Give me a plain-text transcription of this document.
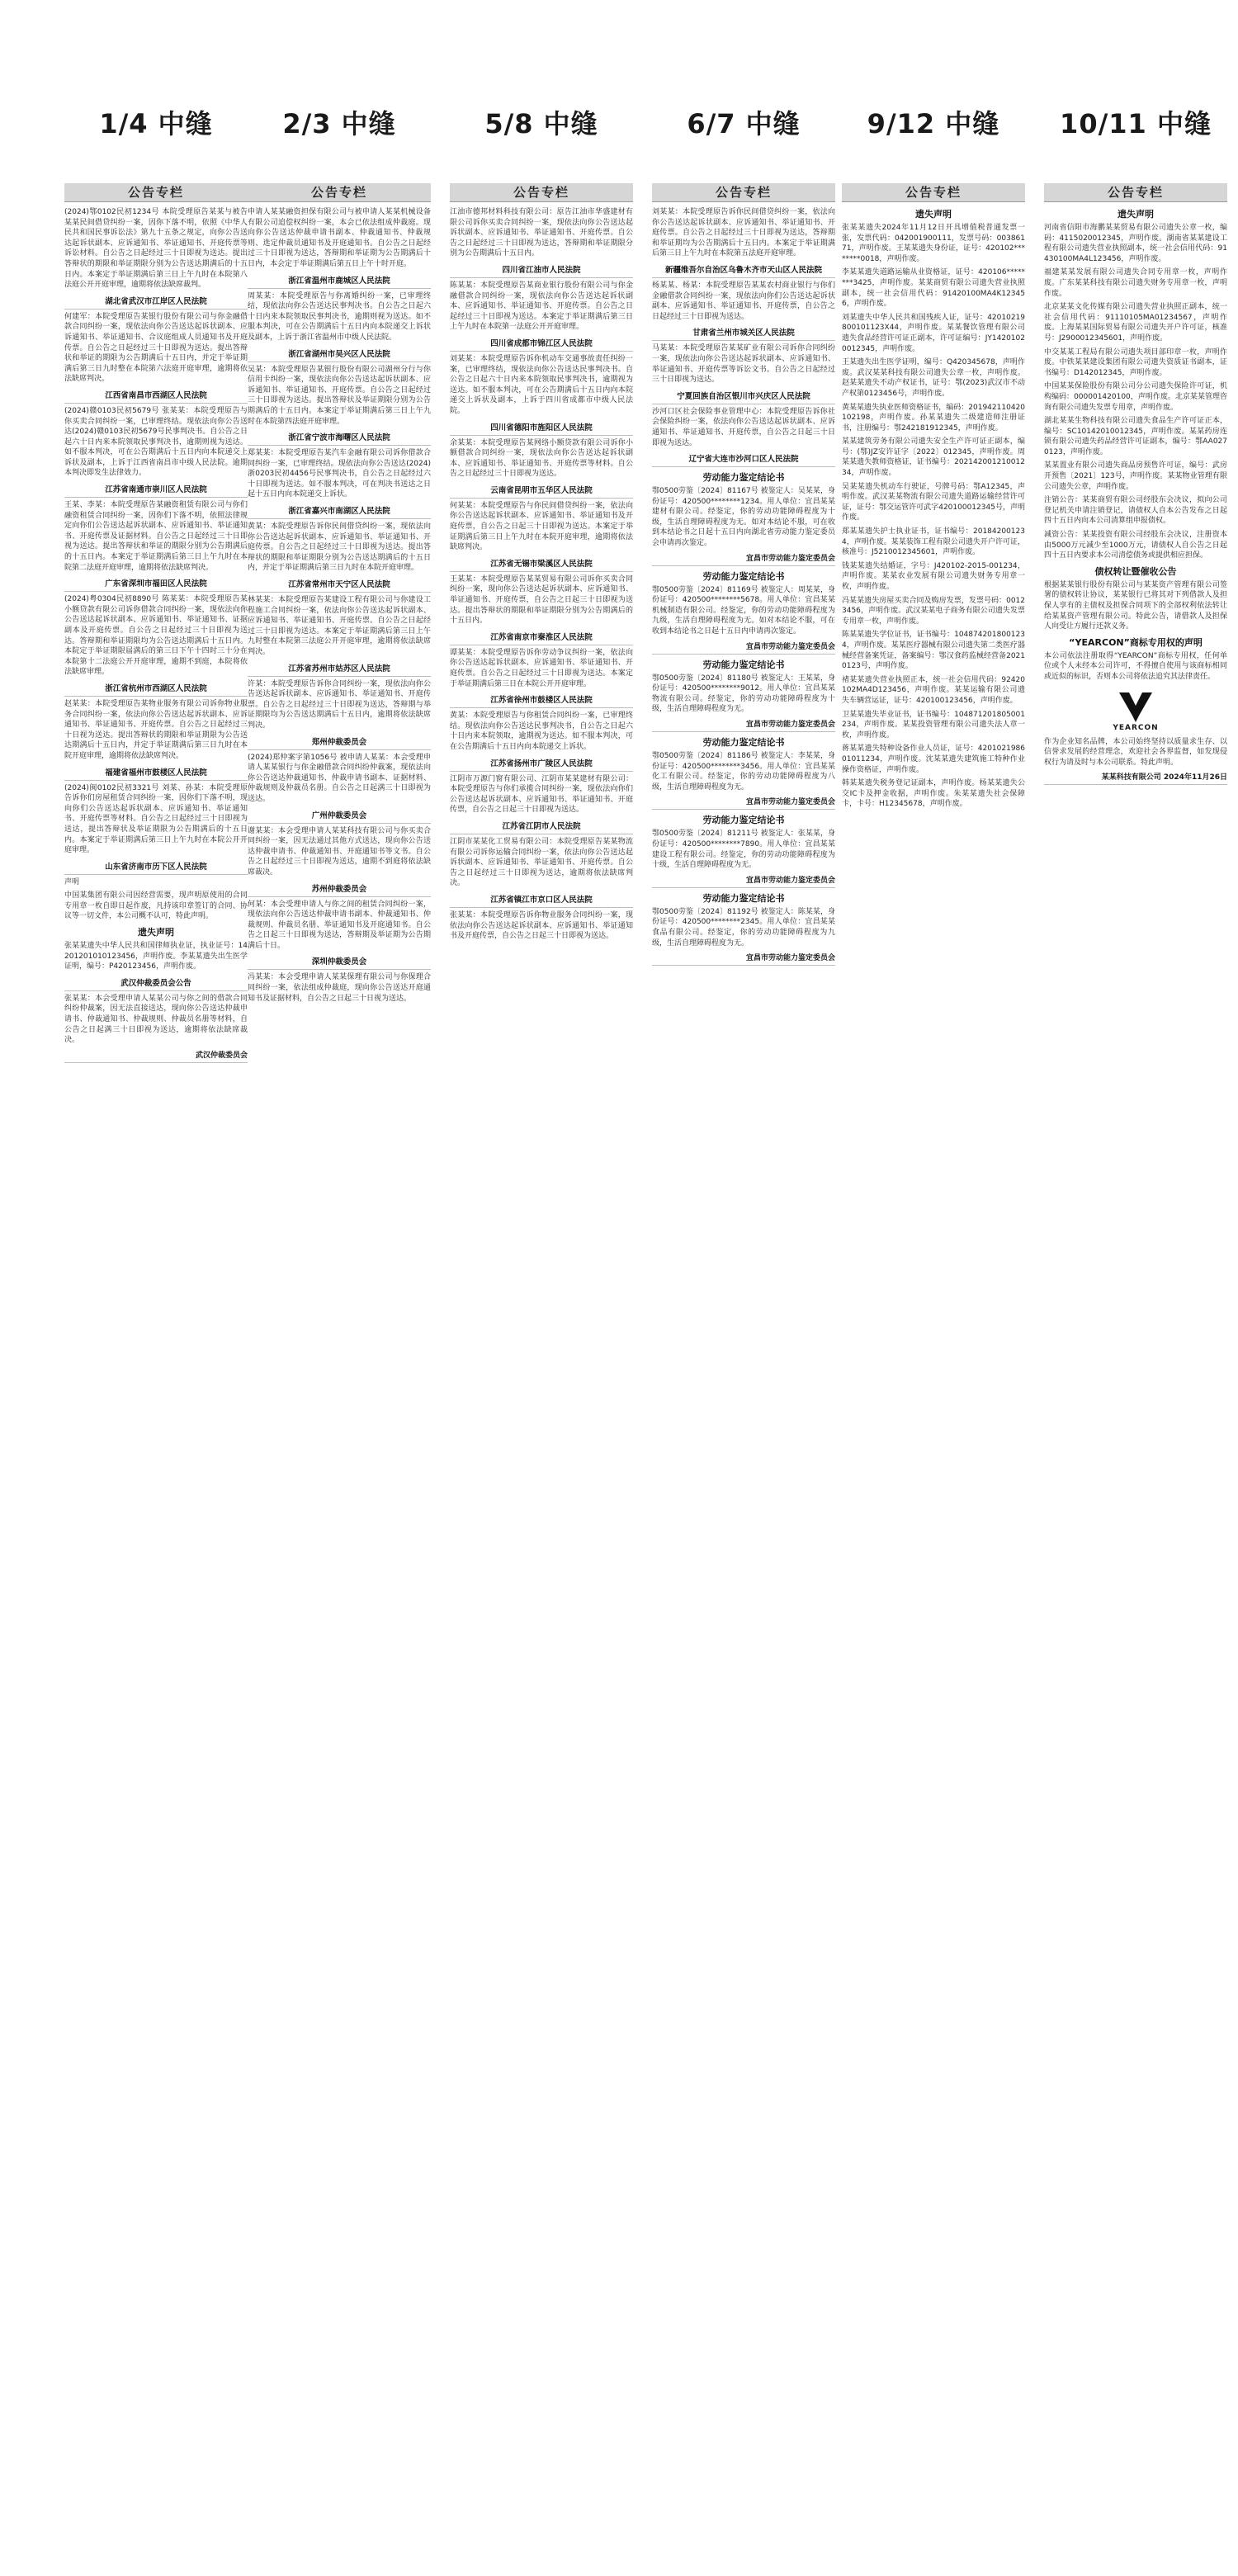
1/4 中缝	2/3 中缝	5/8 中缝	6/7 中缝	9/12 中缝	10/11 中缝
公告专栏
(2024)鄂0102民初1234号 本院受理原告某某与被告某某民间借贷纠纷一案，因你下落不明，依照《中华人民共和国民事诉讼法》第九十五条之规定，向你公告送达起诉状副本、应诉通知书、举证通知书、开庭传票等诉讼材料。自公告之日起经过三十日即视为送达。提出答辩状的期限和举证期限分别为公告送达期满后的十五日内。本案定于举证期满后第三日上午九时在本院第八法庭公开开庭审理，逾期将依法缺席裁判。
湖北省武汉市江岸区人民法院
何建军：本院受理原告某银行股份有限公司与你金融借款合同纠纷一案，现依法向你公告送达起诉状副本、应诉通知书、举证通知书、合议庭组成人员通知书及开庭传票。自公告之日起经过三十日即视为送达。提出答辩状和举证的期限为公告期满后十五日内，并定于举证期满后第三日九时整在本院第六法庭开庭审理，逾期将依法缺席判决。
江西省南昌市西湖区人民法院
(2024)赣0103民初5679号 张某某：本院受理原告与你买卖合同纠纷一案，已审理终结。现依法向你公告送达(2024)赣0103民初5679号民事判决书。自公告之日起六十日内来本院领取民事判决书，逾期则视为送达。如不服本判决，可在公告期满后十五日内向本院递交上诉状及副本，上诉于江西省南昌市中级人民法院。逾期本判决即发生法律效力。
江苏省南通市崇川区人民法院
王某、李某：本院受理原告某融资租赁有限公司与你们融资租赁合同纠纷一案，因你们下落不明，依照法律规定向你们公告送达起诉状副本、应诉通知书、举证通知书、开庭传票及证据材料。自公告之日起经过三十日即视为送达。提出答辩状和举证的期限分别为公告期满后的十五日内。本案定于举证期满后第三日上午九时在本院第二法庭开庭审理，逾期将依法缺席判决。
广东省深圳市福田区人民法院
(2024)粤0304民初8890号 陈某某：本院受理原告某小额贷款有限公司诉你借款合同纠纷一案，现依法向你公告送达起诉状副本、应诉通知书、举证通知书、证据副本及开庭传票。自公告之日起经过三十日即视为送达。答辩期和举证期限均为公告送达期满后十五日内。本院定于举证期限届满后的第三日下午十四时三十分在本院第十二法庭公开开庭审理，逾期不到庭，本院将依法缺席审理。
浙江省杭州市西湖区人民法院
赵某某：本院受理原告某物业服务有限公司诉你物业服务合同纠纷一案，依法向你公告送达起诉状副本、应诉通知书、举证通知书、开庭传票。自公告之日起经过三十日视为送达。提出答辩状的期限和举证期限为公告送达期满后十五日内，并定于举证期满后第三日九时在本院开庭审理，逾期将依法缺席判决。
福建省福州市鼓楼区人民法院
(2024)闽0102民初3321号 刘某、孙某：本院受理原告诉你们房屋租赁合同纠纷一案，因你们下落不明，现向你们公告送达起诉状副本、应诉通知书、举证通知书、开庭传票等材料。自公告之日起经过三十日即视为送达，提出答辩状及举证期限为公告期满后的十五日内。本案定于举证期满后第三日上午九时在本院公开开庭审理。
山东省济南市历下区人民法院
声明
中国某集团有限公司因经营需要，现声明原使用的合同专用章一枚自即日起作废，凡持该印章签订的合同、协议等一切文件，本公司概不认可，特此声明。
遗失声明
张某某遗失中华人民共和国律师执业证，执业证号：14201201010123456，声明作废。李某某遗失出生医学证明，编号：P420123456，声明作废。
武汉仲裁委员会公告
张某某：本会受理申请人某某公司与你之间的借款合同纠纷仲裁案，因无法直接送达，现向你公告送达仲裁申请书、仲裁通知书、仲裁规则、仲裁员名册等材料，自公告之日起满三十日即视为送达，逾期将依法缺席裁决。
武汉仲裁委员会
公告专栏
申请人某某融资担保有限公司与被申请人某某机械设备有限公司追偿权纠纷一案，本会已依法组成仲裁庭。现向你公告送达仲裁申请书副本、仲裁通知书、仲裁规则、选定仲裁员通知书及开庭通知书。自公告之日起经过三十日即视为送达，答辩期和举证期为公告期满后十日内，本会定于举证期满后第五日上午十时开庭。
浙江省温州市鹿城区人民法院
周某某：本院受理原告与你离婚纠纷一案，已审理终结，现依法向你公告送达民事判决书。自公告之日起六十日内来本院领取民事判决书，逾期则视为送达。如不服本判决，可在公告期满后十五日内向本院递交上诉状及副本，上诉于浙江省温州市中级人民法院。
浙江省湖州市吴兴区人民法院
吴某：本院受理原告某银行股份有限公司湖州分行与你信用卡纠纷一案，现依法向你公告送达起诉状副本、应诉通知书、举证通知书、开庭传票。自公告之日起经过三十日即视为送达。提出答辩状及举证期限分别为公告期满后的十五日内。本案定于举证期满后第三日上午九时在本院第四法庭开庭审理。
浙江省宁波市海曙区人民法院
郑某某：本院受理原告某汽车金融有限公司诉你借款合同纠纷一案，已审理终结。现依法向你公告送达(2024)浙0203民初4456号民事判决书，自公告之日起经过六十日即视为送达。如不服本判决，可在判决书送达之日起十五日内向本院递交上诉状。
浙江省嘉兴市南湖区人民法院
黄某：本院受理原告诉你民间借贷纠纷一案，现依法向你公告送达起诉状副本、应诉通知书、举证通知书、开庭传票。自公告之日起经过三十日即视为送达。提出答辩状的期限和举证期限分别为公告送达期满后的十五日内，并定于举证期满后第三日九时在本院开庭审理。
江苏省常州市天宁区人民法院
林某某：本院受理原告某建设工程有限公司与你建设工程施工合同纠纷一案，依法向你公告送达起诉状副本、应诉通知书、举证通知书、开庭传票。自公告之日起经过三十日即视为送达。本案定于举证期满后第三日上午九时整在本院第三法庭公开开庭审理，逾期将依法缺席判决。
江苏省苏州市姑苏区人民法院
许某：本院受理原告诉你合同纠纷一案，现依法向你公告送达起诉状副本、应诉通知书、举证通知书、开庭传票。自公告之日起经过三十日即视为送达，答辩期与举证期限均为公告送达期满后十五日内，逾期将依法缺席判决。
郑州仲裁委员会
(2024)郑仲案字第1056号 被申请人某某：本会受理申请人某某银行与你金融借款合同纠纷仲裁案，现依法向你公告送达仲裁通知书、仲裁申请书副本、证据材料、仲裁规则及仲裁员名册。自公告之日起满三十日即视为送达。
广州仲裁委员会
谢某某：本会受理申请人某某科技有限公司与你买卖合同纠纷一案，因无法通过其他方式送达，现向你公告送达仲裁申请书、仲裁通知书、开庭通知书等文书。自公告之日起经过三十日即视为送达，逾期不到庭将依法缺席裁决。
苏州仲裁委员会
何某：本会受理申请人与你之间的租赁合同纠纷一案，现依法向你公告送达仲裁申请书副本、仲裁通知书、仲裁规则、仲裁员名册、举证通知书及开庭通知书。自公告之日起三十日即视为送达，答辩期及举证期为公告期满后十日。
深圳仲裁委员会
冯某某：本会受理申请人某某保理有限公司与你保理合同纠纷一案，依法组成仲裁庭，现向你公告送达开庭通知书及证据材料，自公告之日起三十日视为送达。
公告专栏
江油市德邦材料科技有限公司：原告江油市华盛建材有限公司诉你买卖合同纠纷一案，现依法向你公告送达起诉状副本、应诉通知书、举证通知书、开庭传票。自公告之日起经过三十日即视为送达，答辩期和举证期限分别为公告期满后十五日内。
四川省江油市人民法院
陈某某：本院受理原告某商业银行股份有限公司与你金融借款合同纠纷一案，现依法向你公告送达起诉状副本、应诉通知书、举证通知书、开庭传票。自公告之日起经过三十日即视为送达。本案定于举证期满后第三日上午九时在本院第一法庭公开开庭审理。
四川省成都市锦江区人民法院
刘某某：本院受理原告诉你机动车交通事故责任纠纷一案，已审理终结，现依法向你公告送达民事判决书。自公告之日起六十日内来本院领取民事判决书，逾期视为送达。如不服本判决，可在公告期满后十五日内向本院递交上诉状及副本，上诉于四川省成都市中级人民法院。
四川省德阳市旌阳区人民法院
余某某：本院受理原告某网络小额贷款有限公司诉你小额借款合同纠纷一案，现依法向你公告送达起诉状副本、应诉通知书、举证通知书、开庭传票等材料。自公告之日起经过三十日即视为送达。
云南省昆明市五华区人民法院
何某某：本院受理原告与你民间借贷纠纷一案，依法向你公告送达起诉状副本、应诉通知书、举证通知书及开庭传票，自公告之日起三十日即视为送达。本案定于举证期满后第三日上午九时在本院开庭审理，逾期将依法缺席判决。
江苏省无锡市梁溪区人民法院
王某某：本院受理原告某某贸易有限公司诉你买卖合同纠纷一案，现向你公告送达起诉状副本、应诉通知书、举证通知书、开庭传票，自公告之日起三十日即视为送达。提出答辩状的期限和举证期限分别为公告期满后的十五日内。
江苏省南京市秦淮区人民法院
谭某某：本院受理原告诉你劳动争议纠纷一案，依法向你公告送达起诉状副本、应诉通知书、举证通知书、开庭传票。自公告之日起经过三十日即视为送达。本案定于举证期满后第三日在本院公开开庭审理。
江苏省徐州市鼓楼区人民法院
黄某：本院受理原告与你租赁合同纠纷一案，已审理终结。现依法向你公告送达民事判决书，自公告之日起六十日内来本院领取，逾期视为送达。如不服本判决，可在公告期满后十五日内向本院递交上诉状。
江苏省扬州市广陵区人民法院
江阴市万源门窗有限公司、江阴市某某建材有限公司：本院受理原告与你们承揽合同纠纷一案，现依法向你们公告送达起诉状副本、应诉通知书、举证通知书、开庭传票，自公告之日起三十日即视为送达。
江苏省江阴市人民法院
江阴市某某化工贸易有限公司：本院受理原告某某物流有限公司诉你运输合同纠纷一案，依法向你公告送达起诉状副本、应诉通知书、举证通知书、开庭传票。自公告之日起经过三十日即视为送达，逾期将依法缺席判决。
江苏省镇江市京口区人民法院
张某某：本院受理原告诉你物业服务合同纠纷一案，现依法向你公告送达起诉状副本、应诉通知书、举证通知书及开庭传票，自公告之日起三十日即视为送达。
公告专栏
刘某某：本院受理原告诉你民间借贷纠纷一案，依法向你公告送达起诉状副本、应诉通知书、举证通知书、开庭传票。自公告之日起经过三十日即视为送达，答辩期和举证期均为公告期满后十五日内。本案定于举证期满后第三日上午九时在本院第五法庭开庭审理。
新疆维吾尔自治区乌鲁木齐市天山区人民法院
杨某某、杨某：本院受理原告某某农村商业银行与你们金融借款合同纠纷一案，现依法向你们公告送达起诉状副本、应诉通知书、举证通知书、开庭传票，自公告之日起经过三十日即视为送达。
甘肃省兰州市城关区人民法院
马某某：本院受理原告某某矿业有限公司诉你合同纠纷一案，现依法向你公告送达起诉状副本、应诉通知书、举证通知书、开庭传票等诉讼文书。自公告之日起经过三十日即视为送达。
宁夏回族自治区银川市兴庆区人民法院
沙河口区社会保险事业管理中心：本院受理原告诉你社会保险纠纷一案，依法向你公告送达起诉状副本、应诉通知书、举证通知书、开庭传票，自公告之日起三十日即视为送达。
辽宁省大连市沙河口区人民法院
劳动能力鉴定结论书
鄂0500劳鉴〔2024〕81167号 被鉴定人：吴某某，身份证号：420500********1234。用人单位：宜昌某某建材有限公司。经鉴定，你的劳动功能障碍程度为十级，生活自理障碍程度为无。如对本结论不服，可在收到本结论书之日起十五日内向湖北省劳动能力鉴定委员会申请再次鉴定。
宜昌市劳动能力鉴定委员会
劳动能力鉴定结论书
鄂0500劳鉴〔2024〕81169号 被鉴定人：周某某，身份证号：420500********5678。用人单位：宜昌某某机械制造有限公司。经鉴定，你的劳动功能障碍程度为九级，生活自理障碍程度为无。如对本结论不服，可在收到本结论书之日起十五日内申请再次鉴定。
宜昌市劳动能力鉴定委员会
劳动能力鉴定结论书
鄂0500劳鉴〔2024〕81180号 被鉴定人：王某某，身份证号：420500********9012。用人单位：宜昌某某物流有限公司。经鉴定，你的劳动功能障碍程度为十级，生活自理障碍程度为无。
宜昌市劳动能力鉴定委员会
劳动能力鉴定结论书
鄂0500劳鉴〔2024〕81186号 被鉴定人：李某某，身份证号：420500********3456。用人单位：宜昌某某化工有限公司。经鉴定，你的劳动功能障碍程度为八级，生活自理障碍程度为无。
宜昌市劳动能力鉴定委员会
劳动能力鉴定结论书
鄂0500劳鉴〔2024〕81211号 被鉴定人：张某某，身份证号：420500********7890。用人单位：宜昌某某建设工程有限公司。经鉴定，你的劳动功能障碍程度为十级，生活自理障碍程度为无。
宜昌市劳动能力鉴定委员会
劳动能力鉴定结论书
鄂0500劳鉴〔2024〕81192号 被鉴定人：陈某某，身份证号：420500********2345。用人单位：宜昌某某食品有限公司。经鉴定，你的劳动功能障碍程度为九级，生活自理障碍程度为无。
宜昌市劳动能力鉴定委员会
公告专栏
遗失声明
张某某遗失2024年11月12日开具增值税普通发票一张，发票代码：042001900111，发票号码：00386171，声明作废。王某某遗失身份证，证号：420102********0018，声明作废。
李某某遗失道路运输从业资格证，证号：420106********3425，声明作废。某某商贸有限公司遗失营业执照副本，统一社会信用代码：91420100MA4K123456，声明作废。
刘某遗失中华人民共和国残疾人证，证号：42010219800101123X44，声明作废。某某餐饮管理有限公司遗失食品经营许可证正副本，许可证编号：JY14201020012345，声明作废。
王某遗失出生医学证明，编号：Q420345678，声明作废。武汉某某科技有限公司遗失公章一枚，声明作废。赵某某遗失不动产权证书，证号：鄂(2023)武汉市不动产权第0123456号，声明作废。
黄某某遗失执业医师资格证书，编码：201942110420102198，声明作废。孙某某遗失二级建造师注册证书，注册编号：鄂242181912345，声明作废。
某某建筑劳务有限公司遗失安全生产许可证正副本，编号：(鄂)JZ安许证字〔2022〕012345，声明作废。周某某遗失教师资格证，证书编号：20214200121001234，声明作废。
吴某某遗失机动车行驶证，号牌号码：鄂A12345，声明作废。武汉某某物流有限公司遗失道路运输经营许可证，证号：鄂交运管许可武字420100012345号，声明作废。
郑某某遗失护士执业证书，证书编号：201842001234，声明作废。某某装饰工程有限公司遗失开户许可证，核准号：J5210012345601，声明作废。
钱某某遗失结婚证，字号：J420102-2015-001234，声明作废。某某农业发展有限公司遗失财务专用章一枚，声明作废。
冯某某遗失房屋买卖合同及购房发票，发票号码：00123456，声明作废。武汉某某电子商务有限公司遗失发票专用章一枚，声明作废。
陈某某遗失学位证书，证书编号：1048742018001234，声明作废。某某医疗器械有限公司遗失第二类医疗器械经营备案凭证，备案编号：鄂汉食药监械经营备20210123号，声明作废。
褚某某遗失营业执照正本，统一社会信用代码：92420102MA4D123456，声明作废。某某运输有限公司遗失车辆营运证，证号：420100123456，声明作废。
卫某某遗失毕业证书，证书编号：104871201805001234，声明作废。某某投资管理有限公司遗失法人章一枚，声明作废。
蒋某某遗失特种设备作业人员证，证号：420102198601011234，声明作废。沈某某遗失建筑施工特种作业操作资格证，声明作废。
韩某某遗失税务登记证副本，声明作废。杨某某遗失公交IC卡及押金收据，声明作废。朱某某遗失社会保障卡，卡号：H12345678，声明作废。
公告专栏
遗失声明
河南省信阳市海鹏某某贸易有限公司遗失公章一枚，编码：4115020012345，声明作废。湖南省某某建设工程有限公司遗失营业执照副本，统一社会信用代码：91430100MA4L123456，声明作废。
福建某某发展有限公司遗失合同专用章一枚，声明作废。广东某某科技有限公司遗失财务专用章一枚，声明作废。
北京某某文化传媒有限公司遗失营业执照正副本，统一社会信用代码：91110105MA01234567，声明作废。上海某某国际贸易有限公司遗失开户许可证，核准号：J2900012345601，声明作废。
中交某某工程局有限公司遗失项目部印章一枚，声明作废。中铁某某建设集团有限公司遗失资质证书副本，证书编号：D142012345，声明作废。
中国某某保险股份有限公司分公司遗失保险许可证，机构编码：000001420100，声明作废。北京某某管理咨询有限公司遗失发票专用章，声明作废。
湖北某某生物科技有限公司遗失食品生产许可证正本，编号：SC10142010012345，声明作废。某某药房连锁有限公司遗失药品经营许可证副本，编号：鄂AA0270123，声明作废。
某某置业有限公司遗失商品房预售许可证，编号：武房开预售〔2021〕123号，声明作废。某某物业管理有限公司遗失公章，声明作废。
注销公告：某某商贸有限公司经股东会决议，拟向公司登记机关申请注销登记，请债权人自本公告发布之日起四十五日内向本公司清算组申报债权。
减资公告：某某投资有限公司经股东会决议，注册资本由5000万元减少至1000万元，请债权人自公告之日起四十五日内要求本公司清偿债务或提供相应担保。
债权转让暨催收公告
根据某某银行股份有限公司与某某资产管理有限公司签署的债权转让协议，某某银行已将其对下列借款人及担保人享有的主债权及担保合同项下的全部权利依法转让给某某资产管理有限公司。特此公告，请借款人及担保人向受让方履行还款义务。
“YEARCON”商标专用权的声明
本公司依法注册取得“YEARCON”商标专用权，任何单位或个人未经本公司许可，不得擅自使用与该商标相同或近似的标识，否则本公司将依法追究其法律责任。
YEARCON
作为企业知名品牌，本公司始终坚持以质量求生存、以信誉求发展的经营理念，欢迎社会各界监督，如发现侵权行为请及时与本公司联系。特此声明。
某某科技有限公司 2024年11月26日
